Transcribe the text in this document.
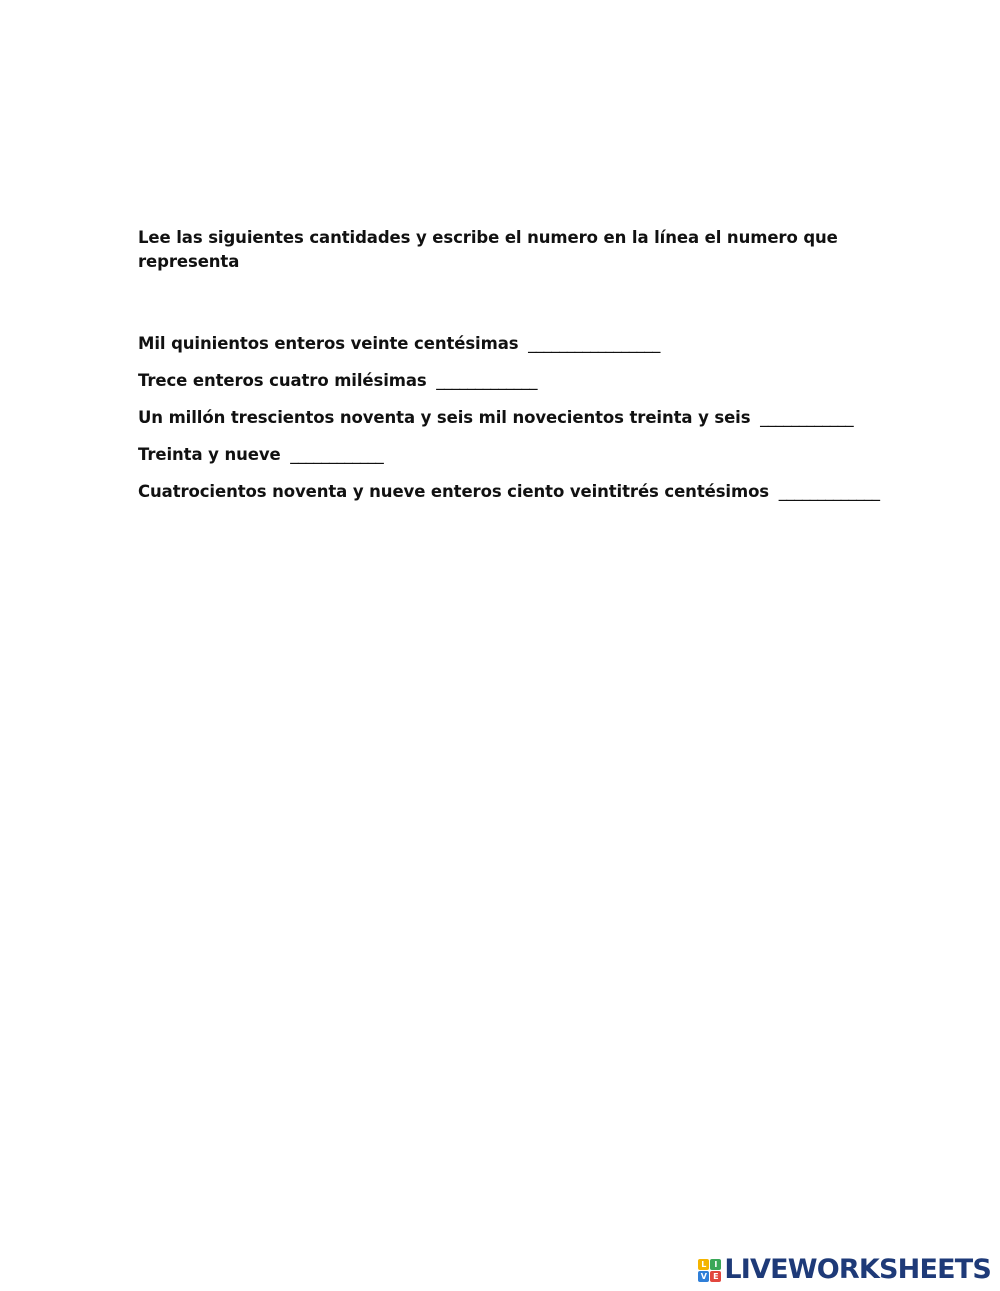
Lee las siguientes cantidades y escribe el numero en la línea el numero que representa

Mil quinientos enteros veinte centésimas _________________
Trece enteros cuatro milésimas _____________
Un millón trescientos noventa y seis mil novecientos treinta y seis ____________
Treinta y nueve ____________
Cuatrocientos noventa y nueve enteros ciento veintitrés centésimos _____________
L I
V E LIVEWORKSHEETS
